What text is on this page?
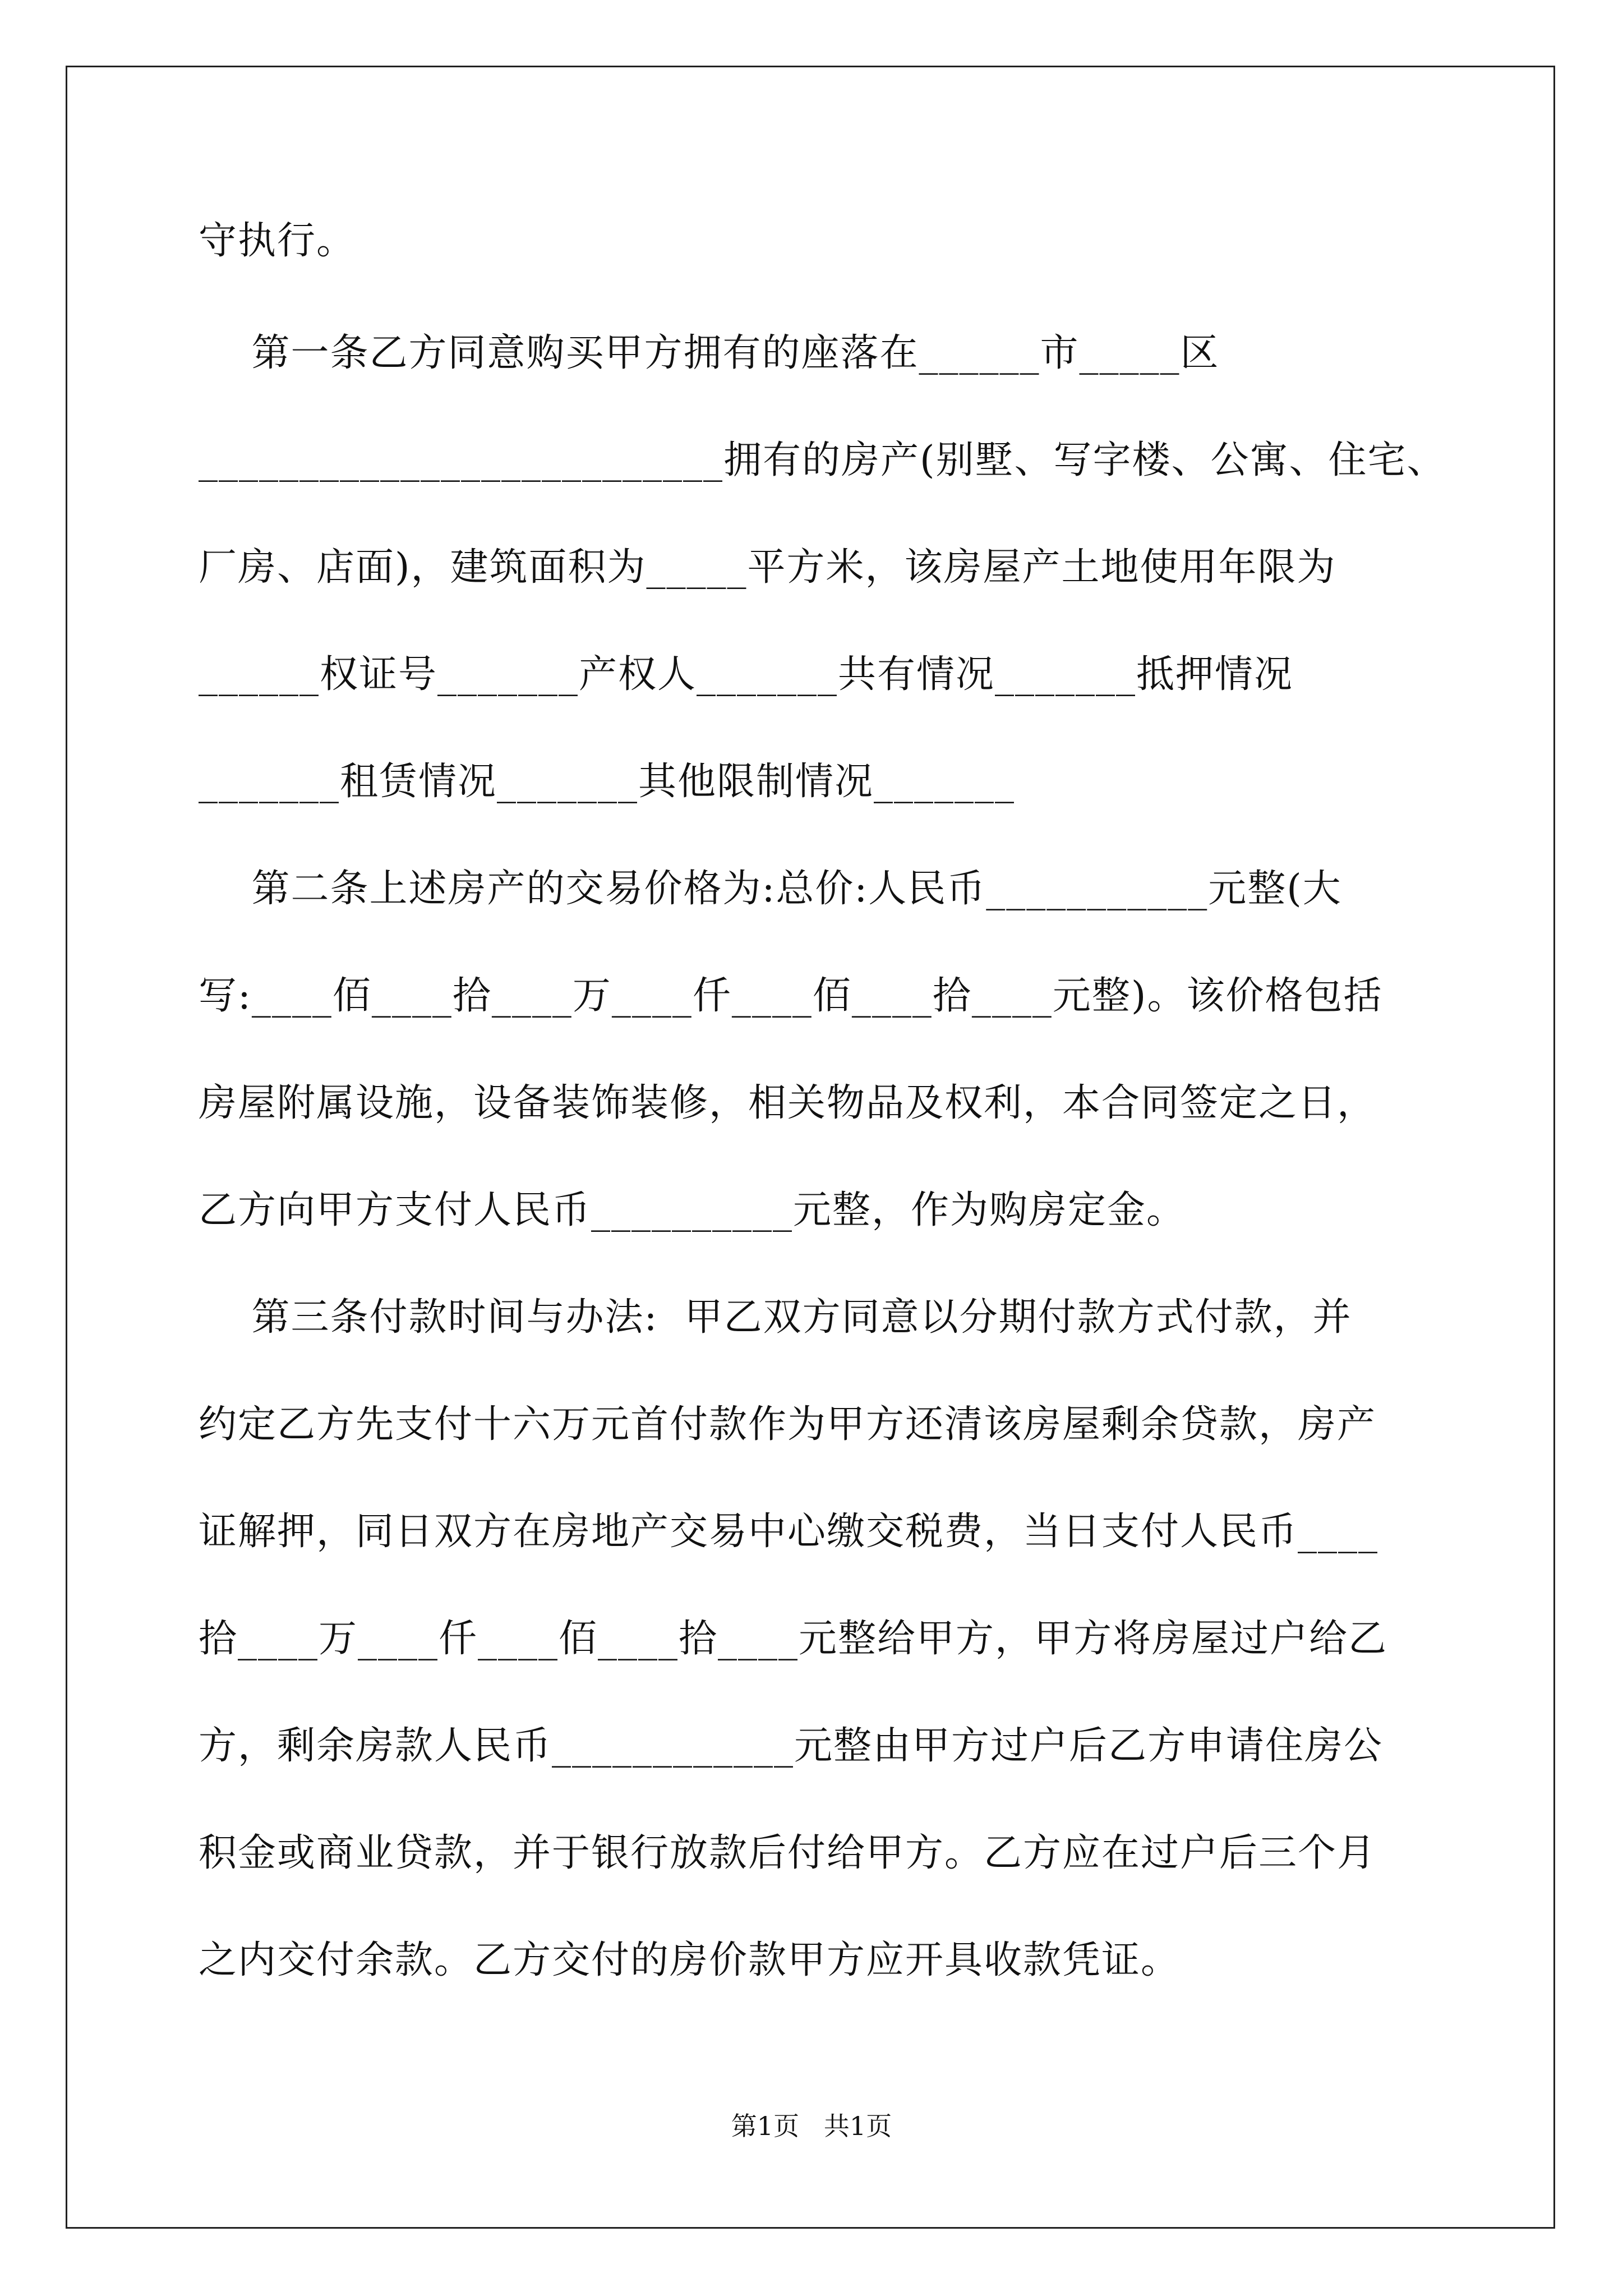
守执行。
第一条乙方同意购买甲方拥有的座落在______市_____区
__________________________拥有的房产(别墅、写字楼、公寓、住宅、
厂房、店面)，建筑面积为_____平方米，该房屋产土地使用年限为
______权证号_______产权人_______共有情况_______抵押情况
_______租赁情况_______其他限制情况_______
第二条上述房产的交易价格为:总价:人民币___________元整(大
写:____佰____拾____万____仟____佰____拾____元整)。该价格包括
房屋附属设施，设备装饰装修，相关物品及权利，本合同签定之日，
乙方向甲方支付人民币__________元整，作为购房定金。
第三条付款时间与办法:  甲乙双方同意以分期付款方式付款，并
约定乙方先支付十六万元首付款作为甲方还清该房屋剩余贷款，房产
证解押，同日双方在房地产交易中心缴交税费，当日支付人民币____
拾____万____仟____佰____拾____元整给甲方，甲方将房屋过户给乙
方，剩余房款人民币____________元整由甲方过户后乙方申请住房公
积金或商业贷款，并于银行放款后付给甲方。乙方应在过户后三个月
之内交付余款。乙方交付的房价款甲方应开具收款凭证。
第1页   共1页
